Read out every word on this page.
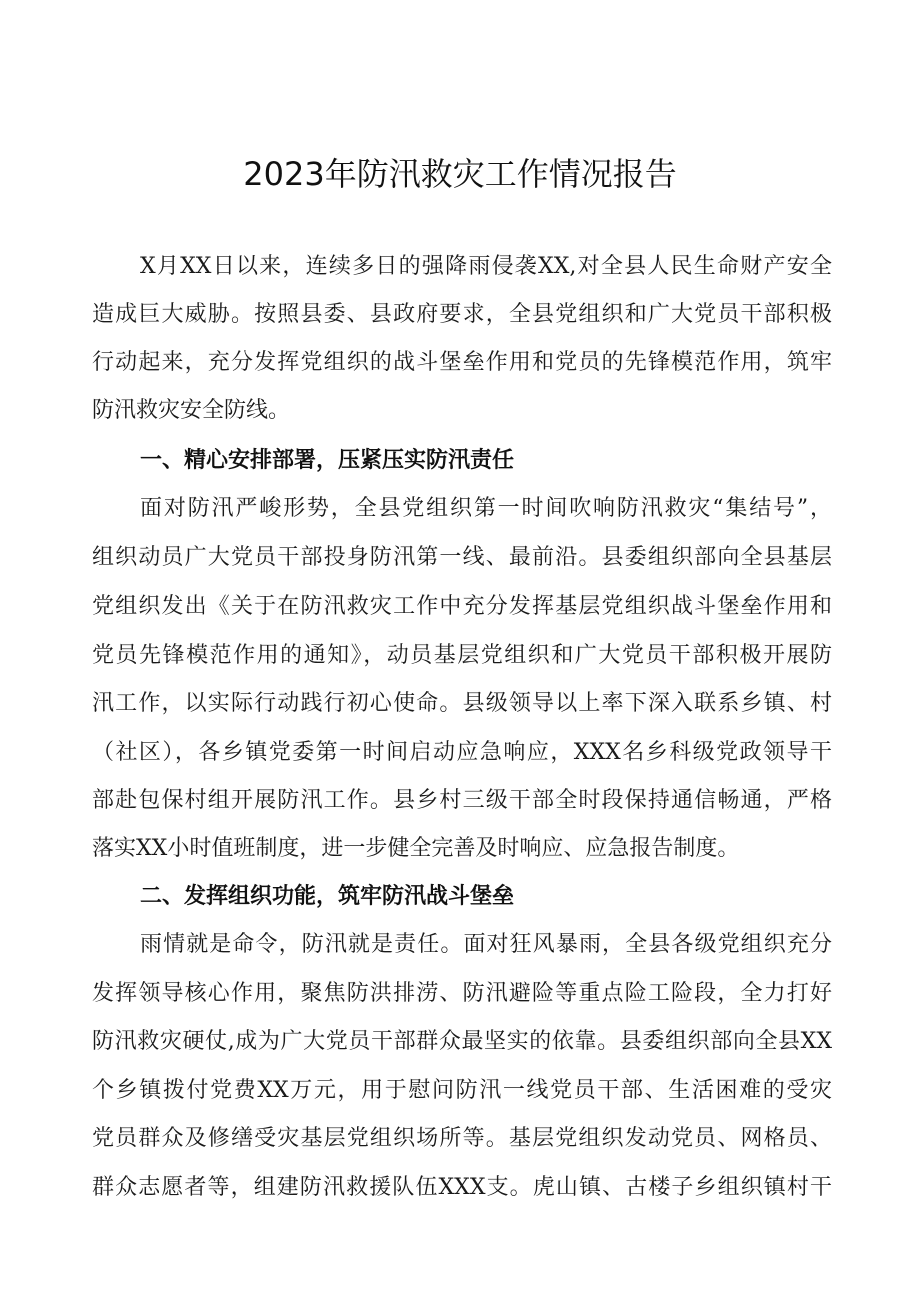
2023年防汛救灾工作情况报告
X月XX日以来，连续多日的强降雨侵袭XX,对全县人民生命财产安全
造成巨大威胁。按照县委、县政府要求，全县党组织和广大党员干部积极
行动起来，充分发挥党组织的战斗堡垒作用和党员的先锋模范作用，筑牢
防汛救灾安全防线。
一、精心安排部署，压紧压实防汛责任
面对防汛严峻形势，全县党组织第一时间吹响防汛救灾“集结号”，
组织动员广大党员干部投身防汛第一线、最前沿。县委组织部向全县基层
党组织发出《关于在防汛救灾工作中充分发挥基层党组织战斗堡垒作用和
党员先锋模范作用的通知》，动员基层党组织和广大党员干部积极开展防
汛工作，以实际行动践行初心使命。县级领导以上率下深入联系乡镇、村
（社区），各乡镇党委第一时间启动应急响应，XXX名乡科级党政领导干
部赴包保村组开展防汛工作。县乡村三级干部全时段保持通信畅通，严格
落实XX小时值班制度，进一步健全完善及时响应、应急报告制度。
二、发挥组织功能，筑牢防汛战斗堡垒
雨情就是命令，防汛就是责任。面对狂风暴雨，全县各级党组织充分
发挥领导核心作用，聚焦防洪排涝、防汛避险等重点险工险段，全力打好
防汛救灾硬仗,成为广大党员干部群众最坚实的依靠。县委组织部向全县XX
个乡镇拨付党费XX万元，用于慰问防汛一线党员干部、生活困难的受灾
党员群众及修缮受灾基层党组织场所等。基层党组织发动党员、网格员、
群众志愿者等，组建防汛救援队伍XXX支。虎山镇、古楼子乡组织镇村干
